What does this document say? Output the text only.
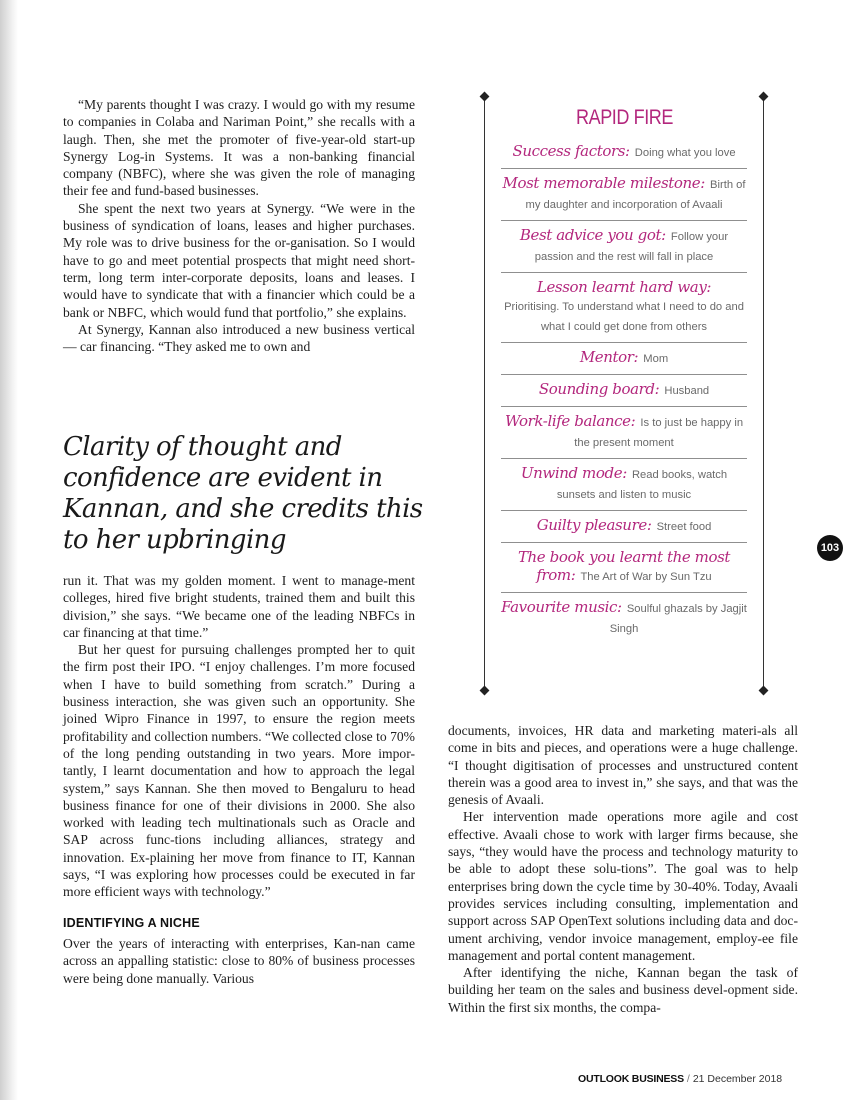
“My parents thought I was crazy. I would go with my resume to companies in Colaba and Nariman Point,” she recalls with a laugh. Then, she met the promoter of five-year-old start-up Synergy Log-in Systems. It was a non-banking financial company (NBFC), where she was given the role of managing their fee and fund-based businesses.

She spent the next two years at Synergy. “We were in the business of syndication of loans, leases and higher purchases. My role was to drive business for the or-ganisation. So I would have to go and meet potential prospects that might need short-term, long term inter-corporate deposits, loans and leases. I would have to syndicate that with a financier which could be a bank or NBFC, which would fund that portfolio,” she explains.

At Synergy, Kannan also introduced a new business vertical — car financing. “They asked me to own and

Clarity of thought and confidence are evident in Kannan, and she credits this to her upbringing

run it. That was my golden moment. I went to manage-ment colleges, hired five bright students, trained them and built this division,” she says. “We became one of the leading NBFCs in car financing at that time.”

But her quest for pursuing challenges prompted her to quit the firm post their IPO. “I enjoy challenges. I’m more focused when I have to build something from scratch.” During a business interaction, she was given such an opportunity. She joined Wipro Finance in 1997, to ensure the region meets profitability and collection numbers. “We collected close to 70% of the long pending outstanding in two years. More impor-tantly, I learnt documentation and how to approach the legal system,” says Kannan. She then moved to Bengaluru to head business finance for one of their divisions in 2000. She also worked with leading tech multinationals such as Oracle and SAP across func-tions including alliances, strategy and innovation. Ex-plaining her move from finance to IT, Kannan says, “I was exploring how processes could be executed in far more efficient ways with technology.”

IDENTIFYING A NICHE

Over the years of interacting with enterprises, Kan-nan came across an appalling statistic: close to 80% of business processes were being done manually. Various

RAPID FIRE
Success factors: Doing what you love
Most memorable milestone: Birth of my daughter and incorporation of Avaali
Best advice you got: Follow your passion and the rest will fall in place
Lesson learnt hard way:
Prioritising. To understand what I need to do and what I could get done from others
Mentor: Mom
Sounding board: Husband
Work-life balance: Is to just be happy in the present moment
Unwind mode: Read books, watch sunsets and listen to music
Guilty pleasure: Street food
The book you learnt the most from: The Art of War by Sun Tzu
Favourite music: Soulful ghazals by Jagjit Singh

documents, invoices, HR data and marketing materi-als all come in bits and pieces, and operations were a huge challenge. “I thought digitisation of processes and unstructured content therein was a good area to invest in,” she says, and that was the genesis of Avaali.

Her intervention made operations more agile and cost effective. Avaali chose to work with larger firms because, she says, “they would have the process and technology maturity to be able to adopt these solu-tions”. The goal was to help enterprises bring down the cycle time by 30-40%. Today, Avaali provides services including consulting, implementation and support across SAP OpenText solutions including data and doc-ument archiving, vendor invoice management, employ-ee file management and portal content management.

After identifying the niche, Kannan began the task of building her team on the sales and business devel-opment side. Within the first six months, the compa-

103
OUTLOOK BUSINESS / 21 December 2018
